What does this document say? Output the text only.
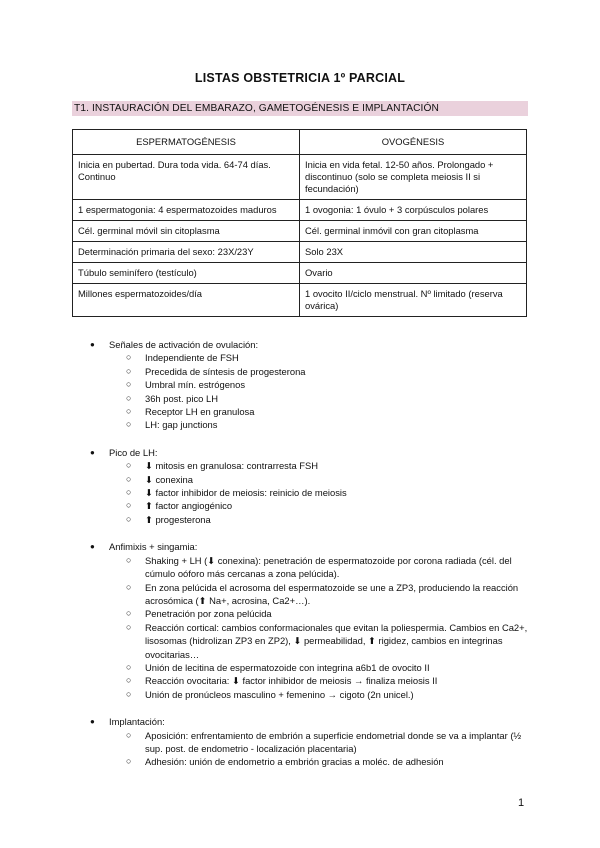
LISTAS OBSTETRICIA 1º PARCIAL
T1. INSTAURACIÓN DEL EMBARAZO, GAMETOGÉNESIS E IMPLANTACIÓN
ESPERMATOGÉNESIS	OVOGÉNESIS
Inicia en pubertad. Dura toda vida. 64-74 días. Continuo	Inicia en vida fetal. 12-50 años. Prolongado + discontinuo (solo se completa meiosis II si fecundación)
1 espermatogonia: 4 espermatozoides maduros	1 ovogonia: 1 óvulo + 3 corpúsculos polares
Cél. germinal móvil sin citoplasma	Cél. germinal inmóvil con gran citoplasma
Determinación primaria del sexo: 23X/23Y	Solo 23X
Túbulo seminífero (testículo)	Ovario
Millones espermatozoides/día	1 ovocito II/ciclo menstrual. Nº limitado (reserva ovárica)
● Señales de activación de ovulación:
○ Independiente de FSH
○ Precedida de síntesis de progesterona
○ Umbral mín. estrógenos
○ 36h post. pico LH
○ Receptor LH en granulosa
○ LH: gap junctions
● Pico de LH:
○ ⬇ mitosis en granulosa: contrarresta FSH
○ ⬇ conexina
○ ⬇ factor inhibidor de meiosis: reinicio de meiosis
○ ⬆ factor angiogénico
○ ⬆ progesterona
● Anfimixis + singamia:
○ Shaking + LH (⬇ conexina): penetración de espermatozoide por corona radiada (cél. del cúmulo oóforo más cercanas a zona pelúcida).
○ En zona pelúcida el acrosoma del espermatozoide se une a ZP3, produciendo la reacción acrosómica (⬆ Na+, acrosina, Ca2+…).
○ Penetración por zona pelúcida
○ Reacción cortical: cambios conformacionales que evitan la poliespermia. Cambios en Ca2+, lisosomas (hidrolizan ZP3 en ZP2), ⬇ permeabilidad, ⬆ rigidez, cambios en integrinas ovocitarias…
○ Unión de lecitina de espermatozoide con integrina a6b1 de ovocito II
○ Reacción ovocitaria: ⬇ factor inhibidor de meiosis → finaliza meiosis II
○ Unión de pronúcleos masculino + femenino → cigoto (2n unicel.)
● Implantación:
○ Aposición: enfrentamiento de embrión a superficie endometrial donde se va a implantar (½ sup. post. de endometrio - localización placentaria)
○ Adhesión: unión de endometrio a embrión gracias a moléc. de adhesión
1
